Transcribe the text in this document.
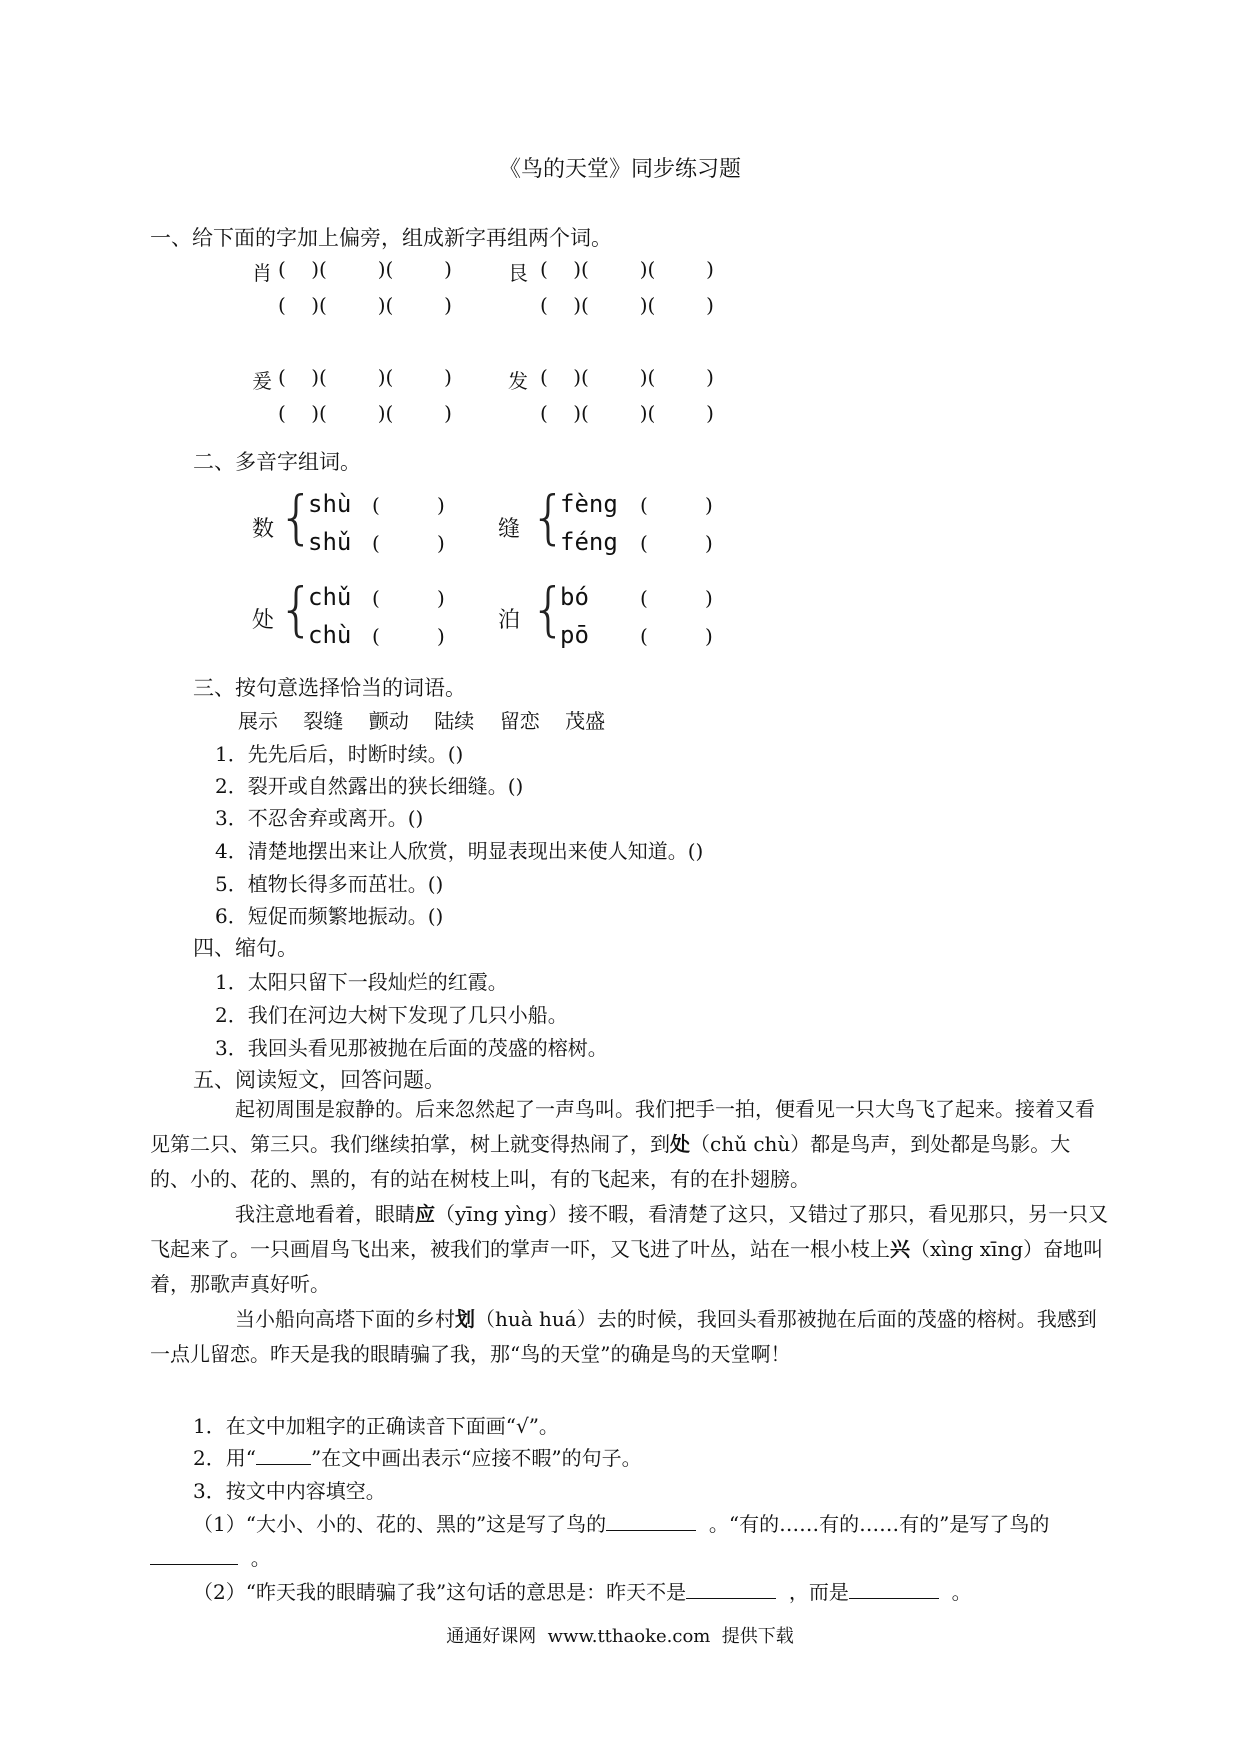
《鸟的天堂》同步练习题
一、给下面的字加上偏旁，组成新字再组两个词。
肖 (    )(        )(        )
(    )(        )(        )
艮 (    )(        )(        )
(    )(        )(        )
爰 (    )(        )(        )
(    )(        )(        )
发 (    )(        )(        )
(    )(        )(        )
二、多音字组词。
数 {
shù (         )
shǔ (         )
缝 {
fèng (         )
féng (         )
处 {
chǔ (         )
chù (         )
泊 {
bó	(         )
pō	(         )
三、按句意选择恰当的词语。
展示    裂缝    颤动    陆续    留恋    茂盛
1．先先后后，时断时续。()
2．裂开或自然露出的狭长细缝。()
3．不忍舍弃或离开。()
4．清楚地摆出来让人欣赏，明显表现出来使人知道。()
5．植物长得多而茁壮。()
6．短促而频繁地振动。()
四、缩句。
1．太阳只留下一段灿烂的红霞。
2．我们在河边大树下发现了几只小船。
3．我回头看见那被抛在后面的茂盛的榕树。
五、阅读短文，回答问题。
起初周围是寂静的。后来忽然起了一声鸟叫。我们把手一拍，便看见一只大鸟飞了起来。接着又看见第二只、第三只。我们继续拍掌，树上就变得热闹了，到处（chǔ chù）都是鸟声，到处都是鸟影。大的、小的、花的、黑的，有的站在树枝上叫，有的飞起来，有的在扑翅膀。
我注意地看着，眼睛应（yīng yìng）接不暇，看清楚了这只，又错过了那只，看见那只，另一只又飞起来了。一只画眉鸟飞出来，被我们的掌声一吓，又飞进了叶丛，站在一根小枝上兴（xìng xīng）奋地叫着，那歌声真好听。
当小船向高塔下面的乡村划（huà huá）去的时候，我回头看那被抛在后面的茂盛的榕树。我感到一点儿留恋。昨天是我的眼睛骗了我，那“鸟的天堂”的确是鸟的天堂啊！
1．在文中加粗字的正确读音下面画“√”。
2．用“	”在文中画出表示“应接不暇”的句子。
3．按文中内容填空。
（1）“大小、小的、花的、黑的”这是写了鸟的	。“有的……有的……有的”是写了鸟的
。
（2）“昨天我的眼睛骗了我”这句话的意思是：昨天不是	，而是	。
通通好课网  www.tthaoke.com  提供下载
